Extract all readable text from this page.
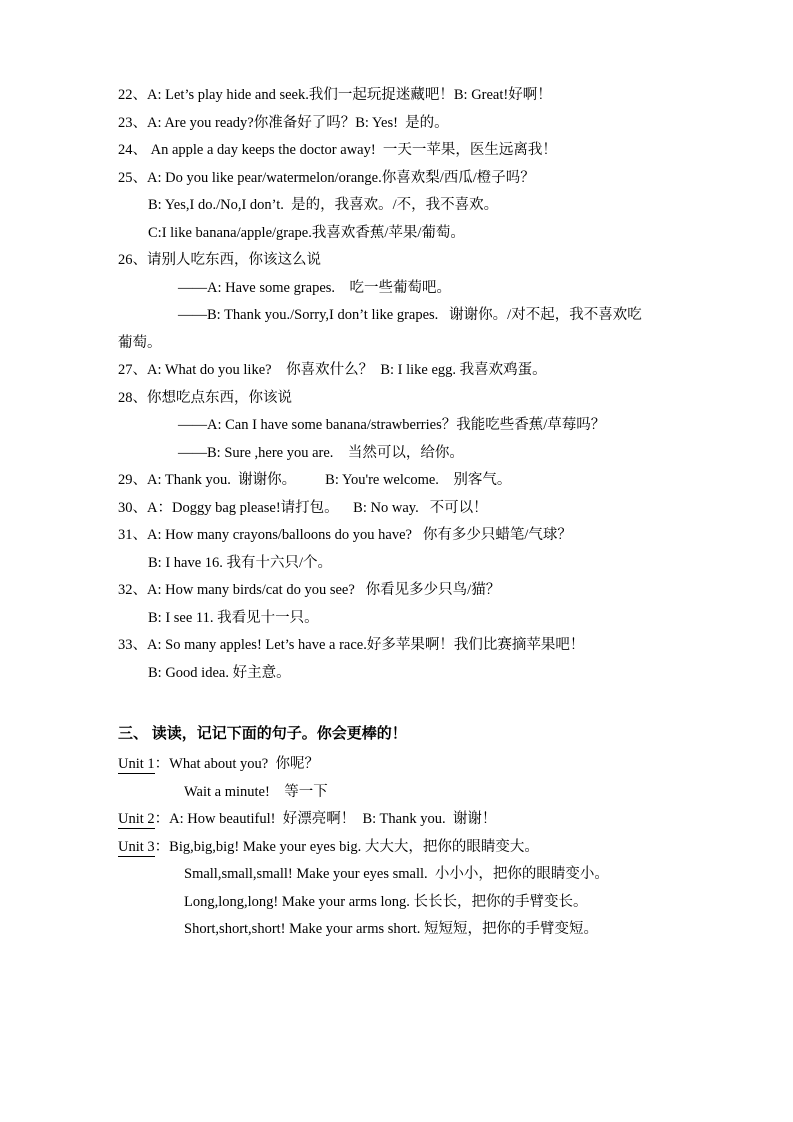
22、A: Let’s play hide and seek.我们一起玩捉迷藏吧！B: Great!好啊！
23、A: Are you ready?你准备好了吗？B: Yes!  是的。
24、 An apple a day keeps the doctor away!  一天一苹果，医生远离我！
25、A: Do you like pear/watermelon/orange.你喜欢梨/西瓜/橙子吗？
B: Yes,I do./No,I don’t.  是的，我喜欢。/不，我不喜欢。
C:I like banana/apple/grape.我喜欢香蕉/苹果/葡萄。
26、请别人吃东西，你该这么说
——A: Have some grapes.    吃一些葡萄吧。
——B: Thank you./Sorry,I don’t like grapes.   谢谢你。/对不起，我不喜欢吃
葡萄。
27、A: What do you like?    你喜欢什么？  B: I like egg. 我喜欢鸡蛋。
28、你想吃点东西，你该说
——A: Can I have some banana/strawberries？我能吃些香蕉/草莓吗？
——B: Sure ,here you are.    当然可以，给你。
29、A: Thank you.  谢谢你。        B: You're welcome.    别客气。
30、A：Doggy bag please!请打包。    B: No way.   不可以！
31、A: How many crayons/balloons do you have?   你有多少只蜡笔/气球？
B: I have 16. 我有十六只/个。
32、A: How many birds/cat do you see?   你看见多少只鸟/猫？
B: I see 11. 我看见十一只。
33、A: So many apples! Let’s have a race.好多苹果啊！我们比赛摘苹果吧！
B: Good idea. 好主意。
三、 读读，记记下面的句子。你会更棒的！
Unit 1：What about you?  你呢？
Wait a minute!    等一下
Unit 2：A: How beautiful!  好漂亮啊！  B: Thank you.  谢谢！
Unit 3：Big,big,big! Make your eyes big. 大大大，把你的眼睛变大。
Small,small,small! Make your eyes small.  小小小，把你的眼睛变小。
Long,long,long! Make your arms long. 长长长，把你的手臂变长。
Short,short,short! Make your arms short. 短短短，把你的手臂变短。
